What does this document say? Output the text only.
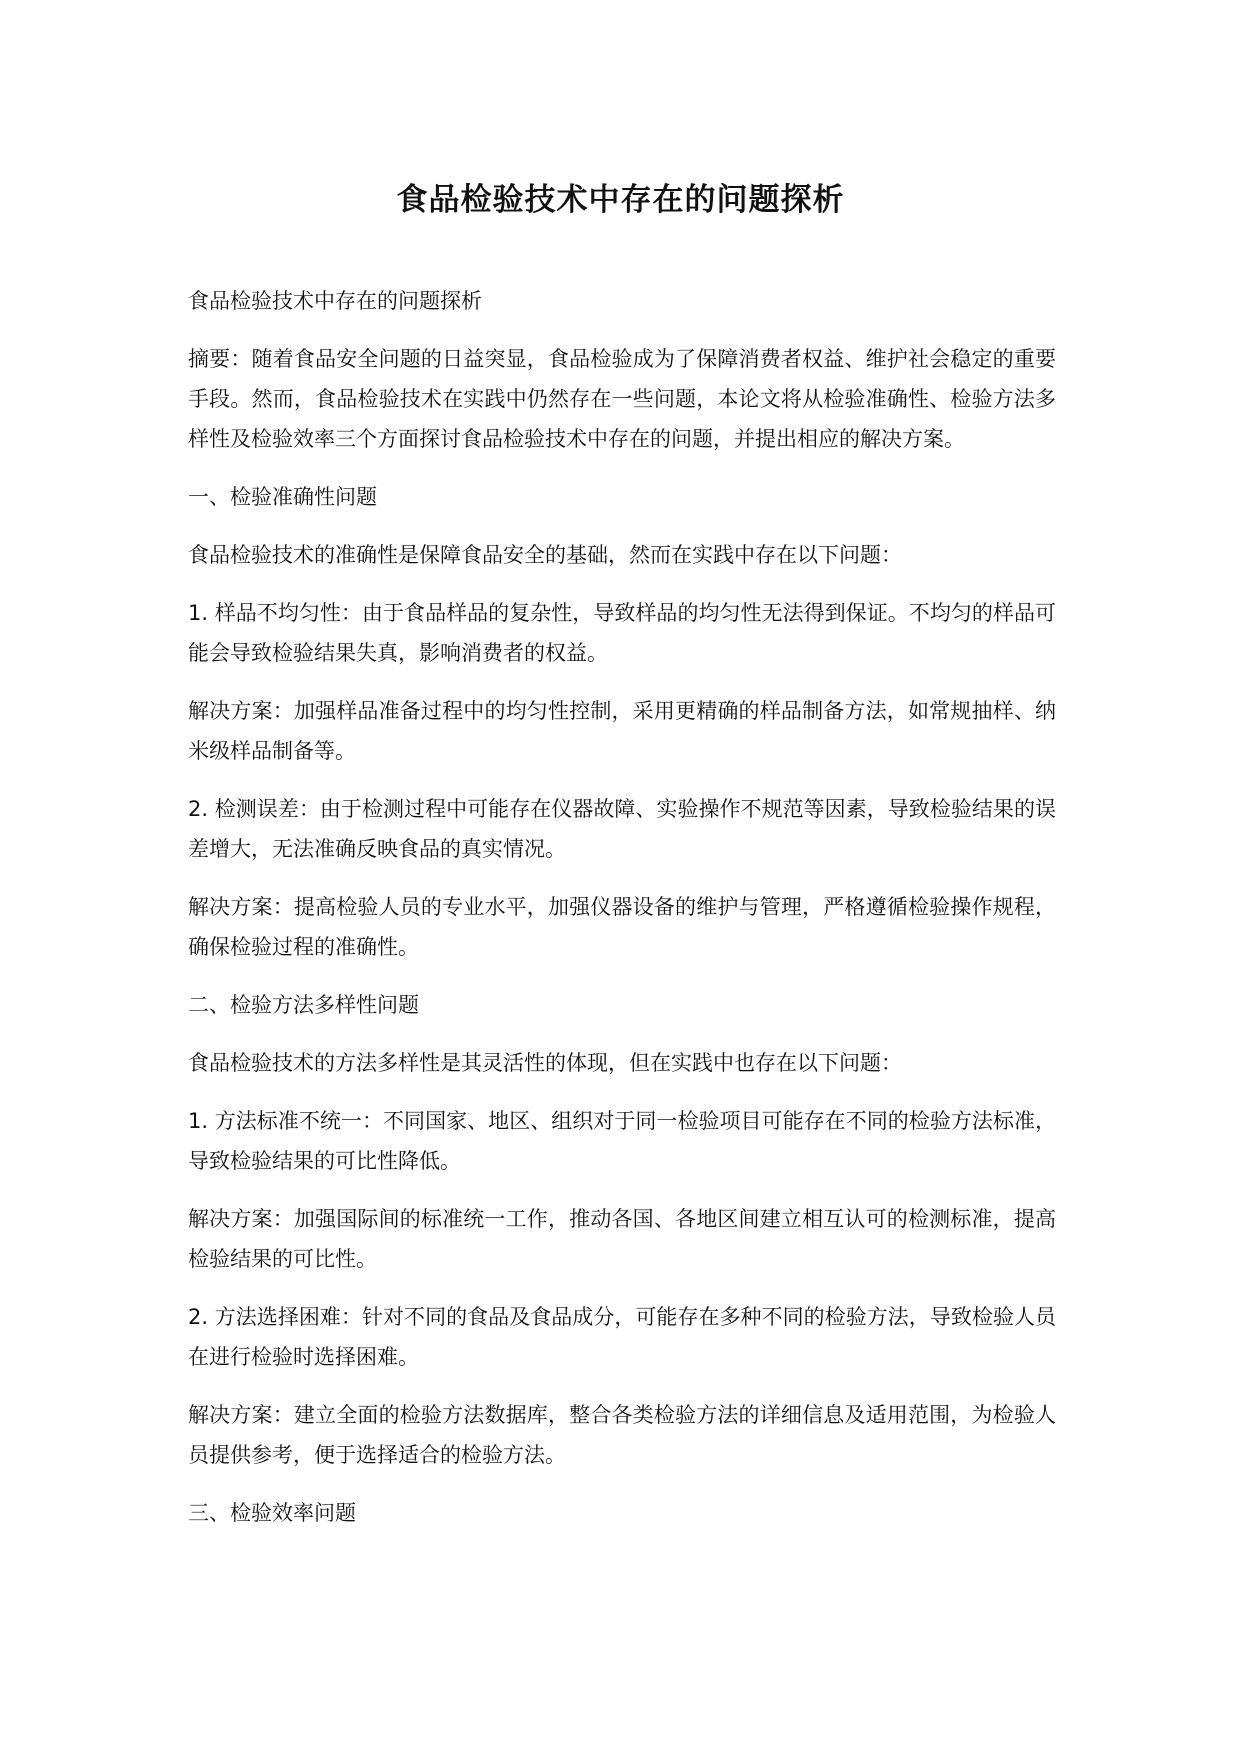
食品检验技术中存在的问题探析

食品检验技术中存在的问题探析

摘要：随着食品安全问题的日益突显，食品检验成为了保障消费者权益、维护社会稳定的重要手段。然而，食品检验技术在实践中仍然存在一些问题，本论文将从检验准确性、检验方法多样性及检验效率三个方面探讨食品检验技术中存在的问题，并提出相应的解决方案。

一、检验准确性问题

食品检验技术的准确性是保障食品安全的基础，然而在实践中存在以下问题：

1. 样品不均匀性：由于食品样品的复杂性，导致样品的均匀性无法得到保证。不均匀的样品可能会导致检验结果失真，影响消费者的权益。

解决方案：加强样品准备过程中的均匀性控制，采用更精确的样品制备方法，如常规抽样、纳米级样品制备等。

2. 检测误差：由于检测过程中可能存在仪器故障、实验操作不规范等因素，导致检验结果的误差增大，无法准确反映食品的真实情况。

解决方案：提高检验人员的专业水平，加强仪器设备的维护与管理，严格遵循检验操作规程，确保检验过程的准确性。

二、检验方法多样性问题

食品检验技术的方法多样性是其灵活性的体现，但在实践中也存在以下问题：

1. 方法标准不统一：不同国家、地区、组织对于同一检验项目可能存在不同的检验方法标准，导致检验结果的可比性降低。

解决方案：加强国际间的标准统一工作，推动各国、各地区间建立相互认可的检测标准，提高检验结果的可比性。

2. 方法选择困难：针对不同的食品及食品成分，可能存在多种不同的检验方法，导致检验人员在进行检验时选择困难。

解决方案：建立全面的检验方法数据库，整合各类检验方法的详细信息及适用范围，为检验人员提供参考，便于选择适合的检验方法。

三、检验效率问题
